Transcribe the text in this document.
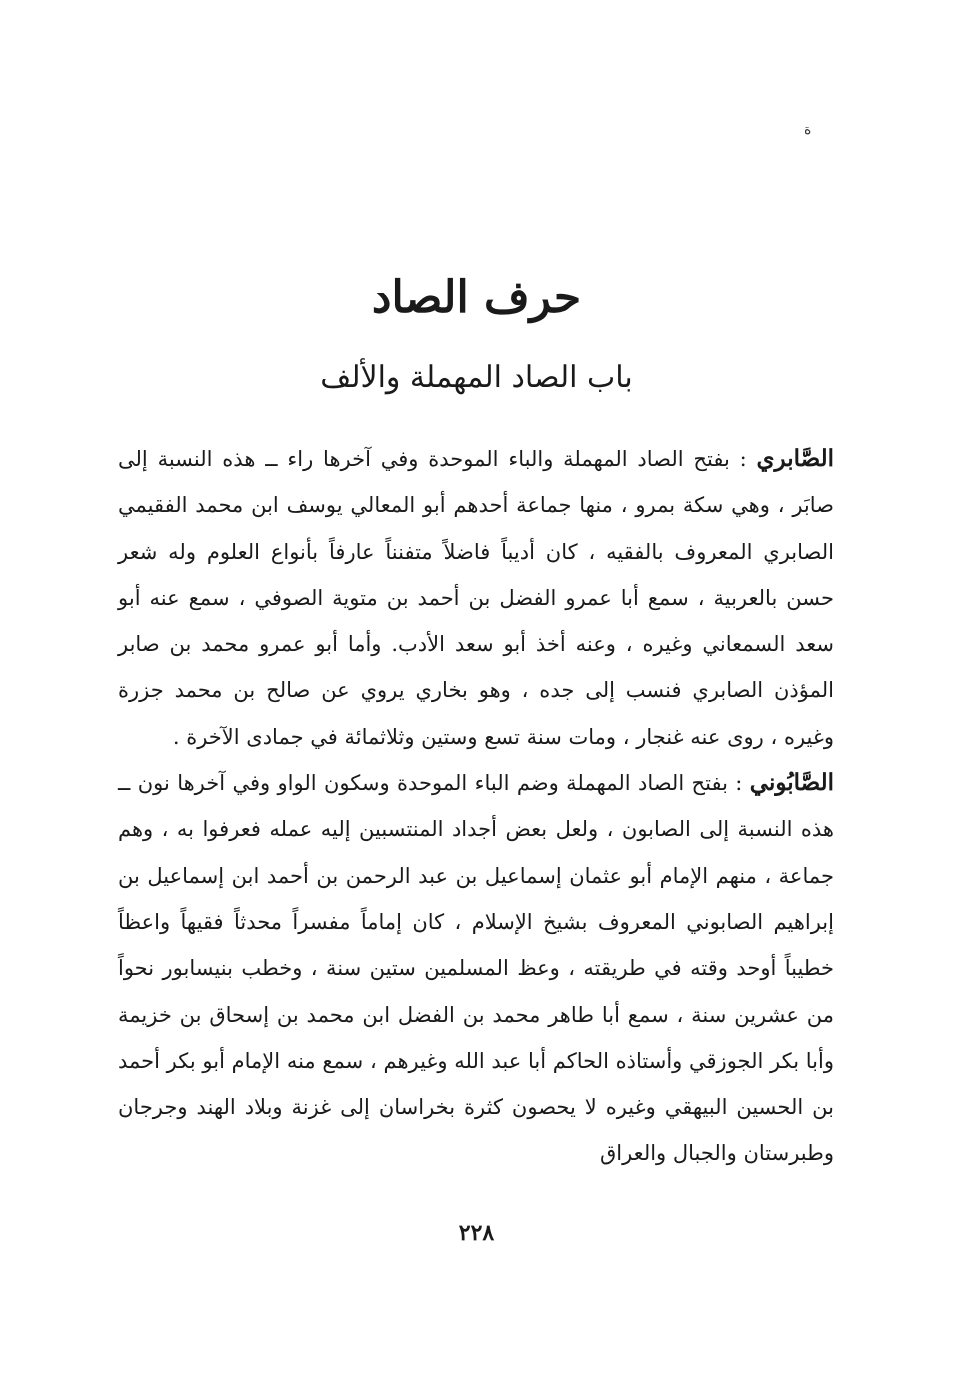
ة
حرف الصاد
باب الصاد المهملة والألف

الصَّابري : بفتح الصاد المهملة والباء الموحدة وفي آخرها راء ــ هذه النسبة إلى صابَر ، وهي سكة بمرو ، منها جماعة أحدهم أبو المعالي يوسف ابن محمد الفقيمي الصابري المعروف بالفقيه ، كان أديباً فاضلاً متفنناً عارفاً بأنواع العلوم وله شعر حسن بالعربية ، سمع أبا عمرو الفضل بن أحمد بن متوية الصوفي ، سمع عنه أبو سعد السمعاني وغيره ، وعنه أخذ أبو سعد الأدب. وأما أبو عمرو محمد بن صابر المؤذن الصابري فنسب إلى جده ، وهو بخاري يروي عن صالح بن محمد جزرة وغيره ، روى عنه غنجار ، ومات سنة تسع وستين وثلاثمائة في جمادى الآخرة .

الصَّابُوني : بفتح الصاد المهملة وضم الباء الموحدة وسكون الواو وفي آخرها نون ــ هذه النسبة إلى الصابون ، ولعل بعض أجداد المنتسبين إليه عمله فعرفوا به ، وهم جماعة ، منهم الإمام أبو عثمان إسماعيل بن عبد الرحمن بن أحمد ابن إسماعيل بن إبراهيم الصابوني المعروف بشيخ الإسلام ، كان إماماً مفسراً محدثاً فقيهاً واعظاً خطيباً أوحد وقته في طريقته ، وعظ المسلمين ستين سنة ، وخطب بنيسابور نحواً من عشرين سنة ، سمع أبا طاهر محمد بن الفضل ابن محمد بن إسحاق بن خزيمة وأبا بكر الجوزقي وأستاذه الحاكم أبا عبد الله وغيرهم ، سمع منه الإمام أبو بكر أحمد بن الحسين البيهقي وغيره لا يحصون كثرة بخراسان إلى غزنة وبلاد الهند وجرجان وطبرستان والجبال والعراق

٢٢٨
